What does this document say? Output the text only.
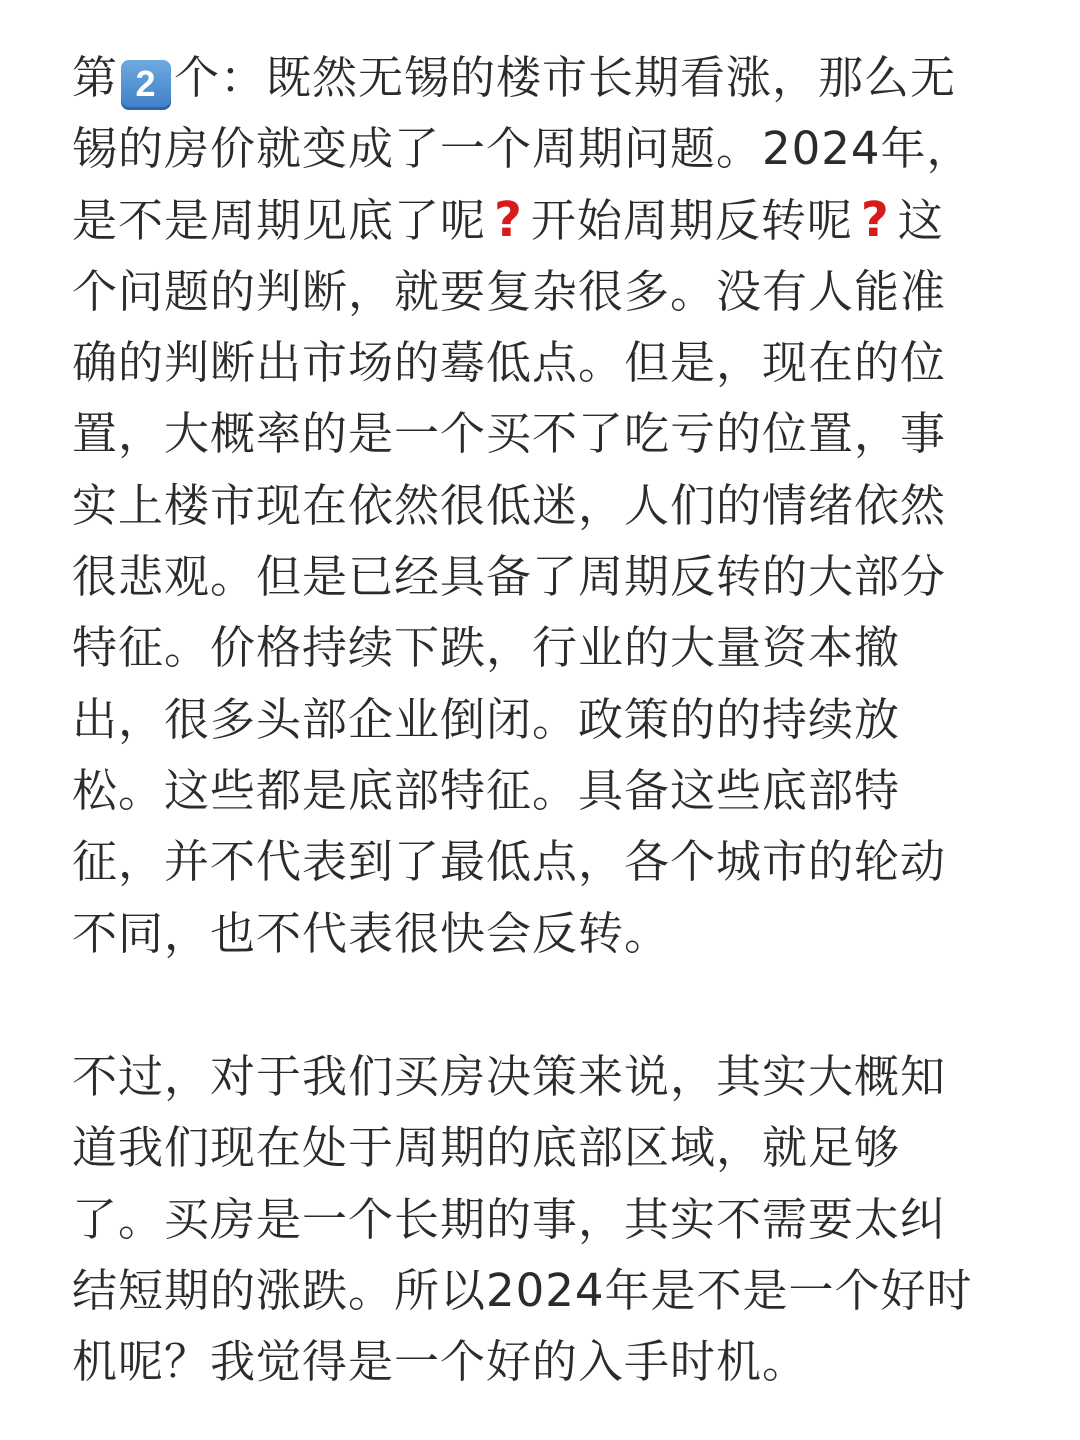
第 2 个：既然无锡的楼市长期看涨，那么无
锡的房价就变成了一个周期问题。2024年，
是不是周期见底了呢 ? 开始周期反转呢 ? 这
个问题的判断，就要复杂很多。没有人能准
确的判断出市场的蓦低点。但是，现在的位
置，大概率的是一个买不了吃亏的位置，事
实上楼市现在依然很低迷，人们的情绪依然
很悲观。但是已经具备了周期反转的大部分
特征。价格持续下跌，行业的大量资本撤
出，很多头部企业倒闭。政策的的持续放
松。这些都是底部特征。具备这些底部特
征，并不代表到了最低点，各个城市的轮动
不同，也不代表很快会反转。
不过，对于我们买房决策来说，其实大概知
道我们现在处于周期的底部区域，就足够
了。买房是一个长期的事，其实不需要太纠
结短期的涨跌。所以2024年是不是一个好时
机呢？我觉得是一个好的入手时机。
